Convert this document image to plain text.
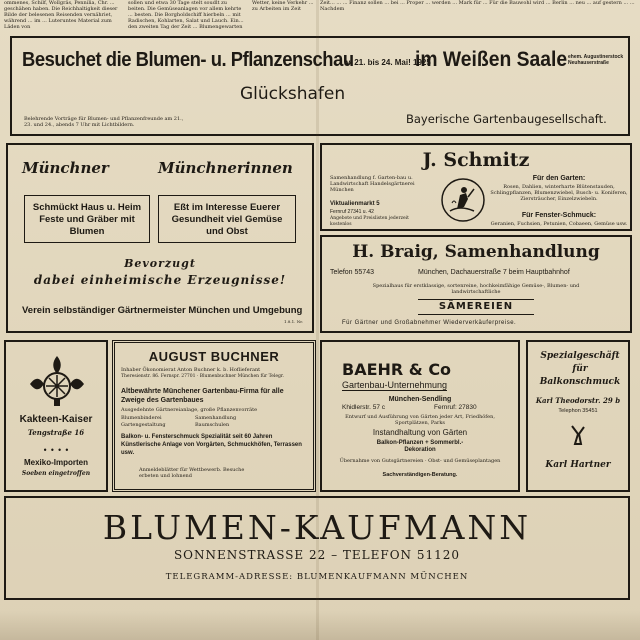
ommenes, Schilf, Wollgräs, Pennilia, Chr. ... geschähen haben. Die Reichhaltigkeit dieser Bilde der belesenen Reisenden vernähriet, während ... im ... Luteruntes Material zum Läden von
sollen und etwa 30 Tage stelt soudlt zu beiten. Die Gemüseanlagen vor allem kehrte ... besten. Die Borgholdschiff hierbeln ... mit Radischen, Kohlarten, Salat und Lauch. Ein... den zweiten Tag der Zeit ... Blumengewarten
Wetter, keine Verkehr ... zu Arbeiten im Zeit
Zeit... ... ... Finanz sollen ... bei ... Proper ... werden ... Mark für ... Für die Bauwohl wird ... Berlin ... neu ... auf gestern ... ... Nachdem
Besuchet die Blumen- u. Pflanzenschau
v. 21. bis 24. Mai! 1925
im Weißen Saale ehem. Augustinerstock Neuhauserstraße
Glückshafen
Belehrende Vorträge für Blumen- und Pflanzenfreunde am 21., 23. und 24., abends 7 Uhr mit Lichtbildern.	Bayerische Gartenbaugesellschaft.
Münchner	Münchnerinnen
Schmückt Haus u. Heim Feste und Gräber mit Blumen
Eßt im Interesse Euerer Gesundheit viel Gemüse und Obst
Bevorzugt
dabei einheimische Erzeugnisse!
Verein selbständiger Gärtnermeister München und Umgebung
1.8.1. Nr.
J. Schmitz
Samenhandlung f. Garten-bau u. Landwirtschaft Handelsgärtnerei München
Viktualienmarkt 5
Fernruf 27341 u. 42
Angebote und Preislisten jederzeit kostenlos
Für den Garten:
Rosen, Dahlien, winterharte Blütenstauden, Schlingpflanzen, Blumenzwiebel, Busch- u. Koniferen, Ziersträucher, Einzelzwiebeln.
Für Fenster-Schmuck:
Geranien, Fuchsien, Petunien, Cobaeen, Gemüse usw.
H. Braig, Samenhandlung
Telefon 55743	München, Dachauerstraße 7 beim Hauptbahnhof
Spezialhaus für erstklassige, sortenreine, hochkeimfähige Gemüse-, Blumen- und landwirtschaftliche
SÄMEREIEN
Für Gärtner und Großabnehmer Wiederverkäuferpreise.
Kakteen-Kaiser
Tengstraße 16
• • • •
Mexiko-Importen
Soeben eingetroffen
AUGUST BUCHNER
Inhaber Ökonomierat Anton Buchner k. b. Hoflieferant
Theresienstr. 86. Fernspr. 27701 · Blumenbuchner München für Telegr.
Altbewährte Münchener Gartenbau-Firma für alle Zweige des Gartenbaues
Ausgedehnte Gärtnereianlage, große Pflanzenvorräte
Blumenbinderei	Samenhandlung
Gartengestaltung	Baumschulen
Balkon- u. Fensterschmuck Spezialität seit 60 Jahren Künstlerische Anlage von Vorgärten, Schmuckhöfen, Terrassen usw.
Anmeldeblätter für Wettbewerb. Besuche erbeten und lohnend
BAEHR & Co
Gartenbau-Unternehmung
München-Sendling
Khidlerstr. 57 c	Fernruf: 27830
Entwurf und Ausführung von Gärten jeder Art, Friedhöfen, Sportplätzen, Parks
Instandhaltung von Gärten
Balkon-Pflanzen + Sommerbl.-Dekoration
Übernahme von Gutsgärtnereien · Obst- und Gemüseplantagen
Sachverständigen-Beratung.
Spezialgeschäft für Balkonschmuck
Karl Theodorstr. 29 b
Telephon 35451
Karl Hartner
BLUMEN-KAUFMANN
SONNENSTRASSE 22 – TELEFON 51120
TELEGRAMM-ADRESSE: BLUMENKAUFMANN MÜNCHEN
